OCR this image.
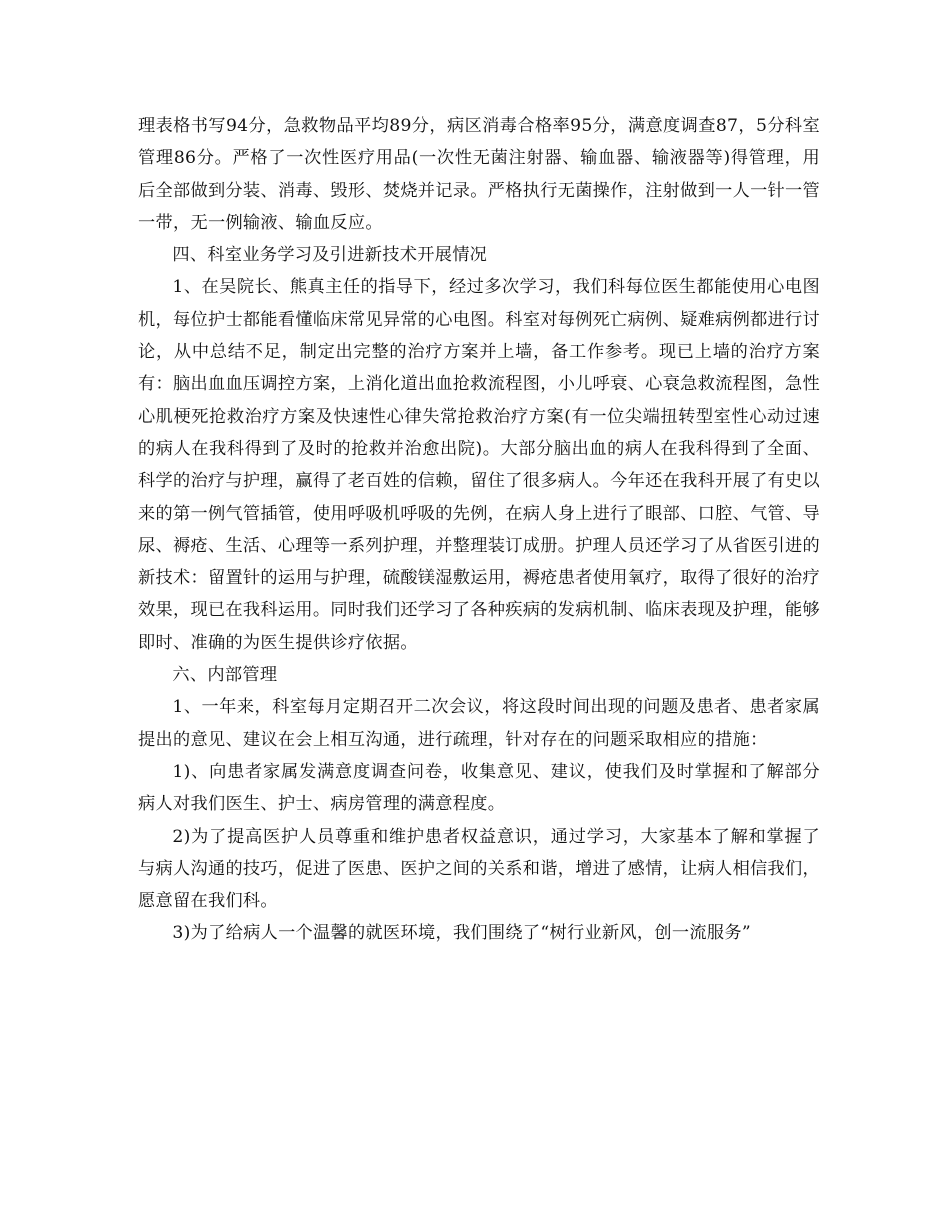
理表格书写94分，急救物品平均89分，病区消毒合格率95分，满意度调查87，5分科室管理86分。严格了一次性医疗用品(一次性无菌注射器、输血器、输液器等)得管理，用后全部做到分装、消毒、毁形、焚烧并记录。严格执行无菌操作，注射做到一人一针一管一带，无一例输液、输血反应。

四、科室业务学习及引进新技术开展情况

1、在吴院长、熊真主任的指导下，经过多次学习，我们科每位医生都能使用心电图机，每位护士都能看懂临床常见异常的心电图。科室对每例死亡病例、疑难病例都进行讨论，从中总结不足，制定出完整的治疗方案并上墙，备工作参考。现已上墙的治疗方案有：脑出血血压调控方案，上消化道出血抢救流程图，小儿呼衰、心衰急救流程图，急性心肌梗死抢救治疗方案及快速性心律失常抢救治疗方案(有一位尖端扭转型室性心动过速的病人在我科得到了及时的抢救并治愈出院)。大部分脑出血的病人在我科得到了全面、科学的治疗与护理，赢得了老百姓的信赖，留住了很多病人。今年还在我科开展了有史以来的第一例气管插管，使用呼吸机呼吸的先例，在病人身上进行了眼部、口腔、气管、导尿、褥疮、生活、心理等一系列护理，并整理装订成册。护理人员还学习了从省医引进的新技术：留置针的运用与护理，硫酸镁湿敷运用，褥疮患者使用氧疗，取得了很好的治疗效果，现已在我科运用。同时我们还学习了各种疾病的发病机制、临床表现及护理，能够即时、准确的为医生提供诊疗依据。

六、内部管理

1、一年来，科室每月定期召开二次会议，将这段时间出现的问题及患者、患者家属提出的意见、建议在会上相互沟通，进行疏理，针对存在的问题采取相应的措施：

1)、向患者家属发满意度调查问卷，收集意见、建议，使我们及时掌握和了解部分病人对我们医生、护士、病房管理的满意程度。

2)为了提高医护人员尊重和维护患者权益意识，通过学习，大家基本了解和掌握了与病人沟通的技巧，促进了医患、医护之间的关系和谐，增进了感情，让病人相信我们，愿意留在我们科。

3)为了给病人一个温馨的就医环境，我们围绕了“树行业新风，创一流服务”
